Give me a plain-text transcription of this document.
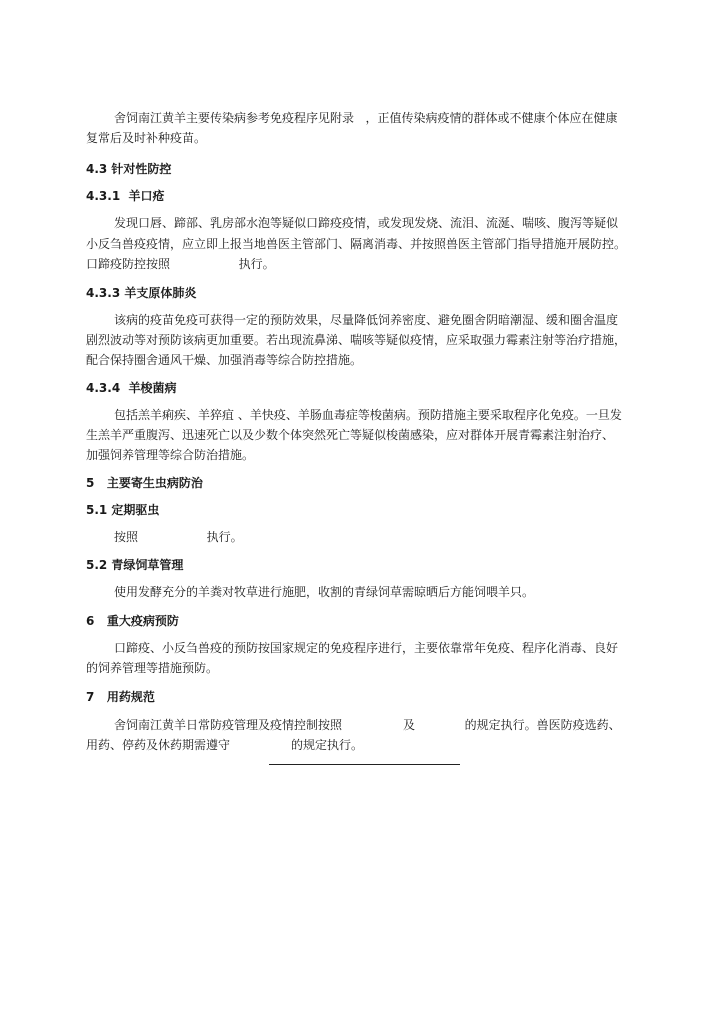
舍饲南江黄羊主要传染病参考免疫程序见附录   ，正值传染病疫情的群体或不健康个体应在健康
复常后及时补种疫苗。
4.3 针对性防控
4.3.1  羊口疮
发现口唇、蹄部、乳房部水泡等疑似口蹄疫疫情，或发现发烧、流泪、流涎、喘咳、腹泻等疑似
小反刍兽疫疫情，应立即上报当地兽医主管部门、隔离消毒、并按照兽医主管部门指导措施开展防控。
口蹄疫防控按照                  执行。
4.3.3 羊支原体肺炎
该病的疫苗免疫可获得一定的预防效果，尽量降低饲养密度、避免圈舍阴暗潮湿、缓和圈舍温度
剧烈波动等对预防该病更加重要。若出现流鼻涕、喘咳等疑似疫情，应采取强力霉素注射等治疗措施，
配合保持圈舍通风干燥、加强消毒等综合防控措施。
4.3.4  羊梭菌病
包括羔羊痢疾、羊猝疽 、羊快疫、羊肠血毒症等梭菌病。预防措施主要采取程序化免疫。一旦发
生羔羊严重腹泻、迅速死亡以及少数个体突然死亡等疑似梭菌感染，应对群体开展青霉素注射治疗、
加强饲养管理等综合防治措施。
5   主要寄生虫病防治
5.1 定期驱虫
按照                  执行。
5.2 青绿饲草管理
使用发酵充分的羊粪对牧草进行施肥，收割的青绿饲草需晾晒后方能饲喂羊只。
6   重大疫病预防
口蹄疫、小反刍兽疫的预防按国家规定的免疫程序进行，主要依靠常年免疫、程序化消毒、良好
的饲养管理等措施预防。
7   用药规范
舍饲南江黄羊日常防疫管理及疫情控制按照                及             的规定执行。兽医防疫选药、
用药、停药及休药期需遵守                的规定执行。
